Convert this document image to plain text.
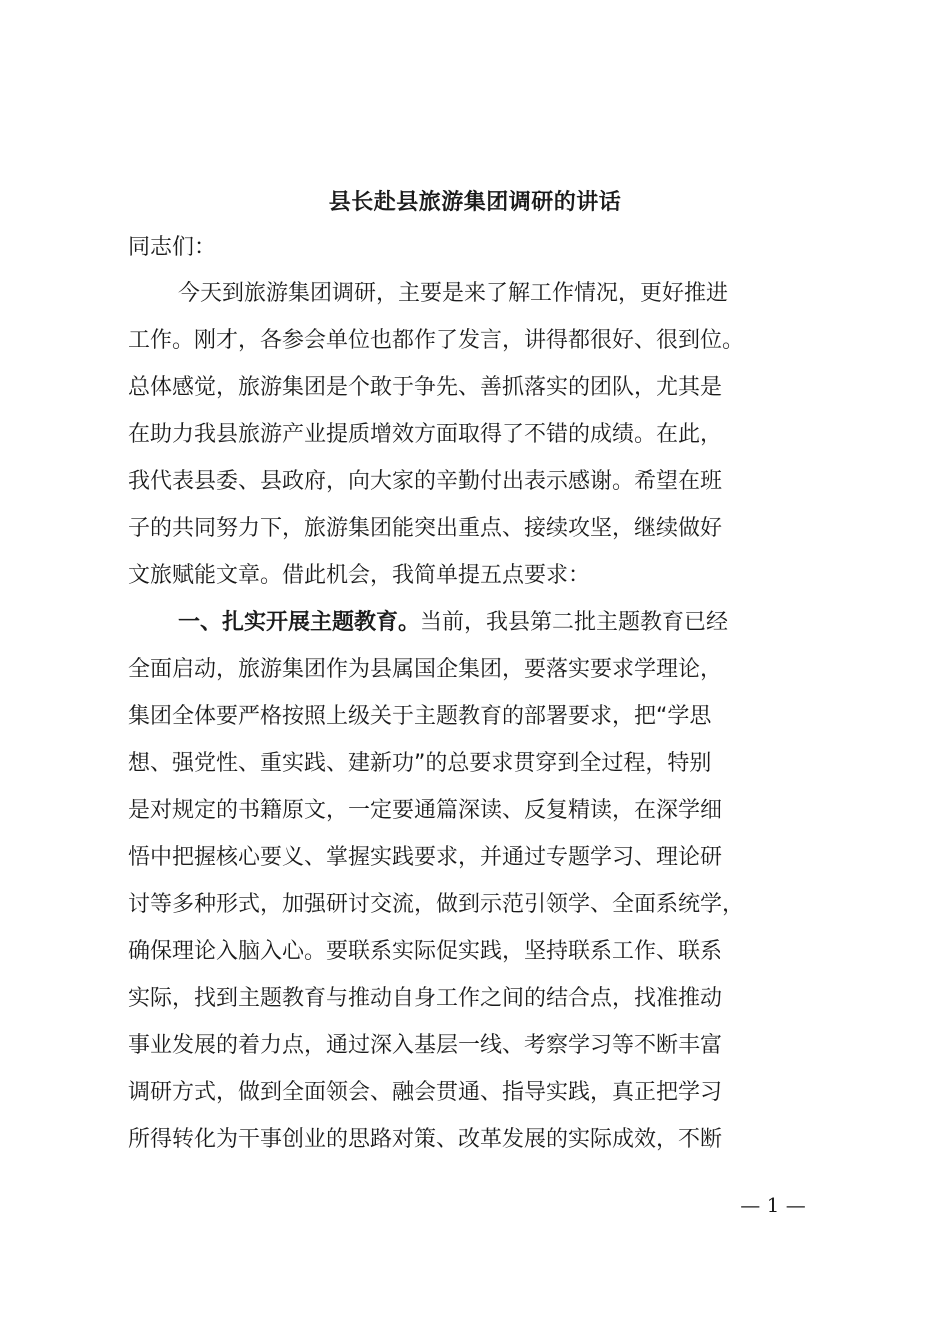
县长赴县旅游集团调研的讲话
同志们：
今天到旅游集团调研，主要是来了解工作情况，更好推进
工作。刚才，各参会单位也都作了发言，讲得都很好、很到位。
总体感觉，旅游集团是个敢于争先、善抓落实的团队，尤其是
在助力我县旅游产业提质增效方面取得了不错的成绩。在此，
我代表县委、县政府，向大家的辛勤付出表示感谢。希望在班
子的共同努力下，旅游集团能突出重点、接续攻坚，继续做好
文旅赋能文章。借此机会，我简单提五点要求：
一、扎实开展主题教育。当前，我县第二批主题教育已经
全面启动，旅游集团作为县属国企集团，要落实要求学理论，
集团全体要严格按照上级关于主题教育的部署要求，把“学思
想、强党性、重实践、建新功”的总要求贯穿到全过程，特别
是对规定的书籍原文，一定要通篇深读、反复精读，在深学细
悟中把握核心要义、掌握实践要求，并通过专题学习、理论研
讨等多种形式，加强研讨交流，做到示范引领学、全面系统学，
确保理论入脑入心。要联系实际促实践，坚持联系工作、联系
实际，找到主题教育与推动自身工作之间的结合点，找准推动
事业发展的着力点，通过深入基层一线、考察学习等不断丰富
调研方式，做到全面领会、融会贯通、指导实践，真正把学习
所得转化为干事创业的思路对策、改革发展的实际成效，不断
— 1 —
